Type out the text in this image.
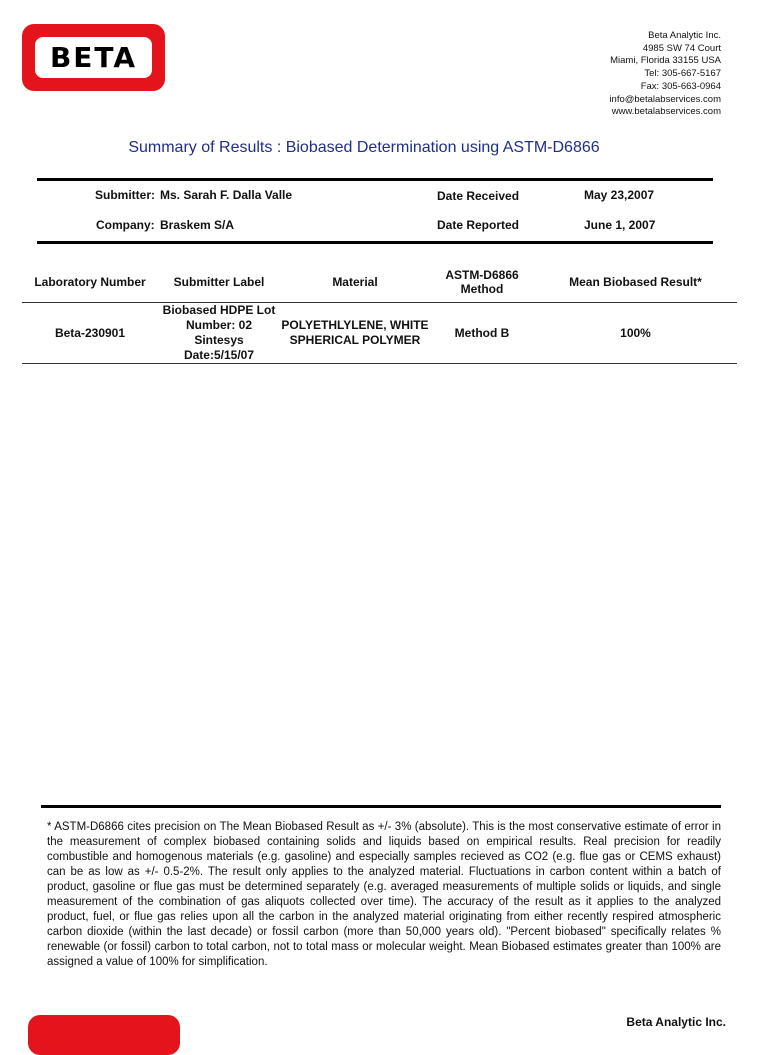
BETA
Beta Analytic Inc.
4985 SW 74 Court
Miami, Florida 33155 USA
Tel: 305-667-5167
Fax: 305-663-0964
info@betalabservices.com
www.betalabservices.com
Summary of Results : Biobased Determination using ASTM-D6866
Submitter: Ms. Sarah F. Dalla Valle	Date Received	May 23,2007
Company: Braskem S/A	Date Reported	June 1, 2007
Laboratory Number	Submitter Label	Material	ASTM-D6866 Method	Mean Biobased Result*
Beta-230901	Biobased HDPE Lot Number: 02 Sintesys Date:5/15/07	POLYETHLYLENE, WHITE SPHERICAL POLYMER	Method B	100%
* ASTM-D6866 cites precision on The Mean Biobased Result as +/- 3% (absolute). This is the most conservative estimate of error in the measurement of complex biobased containing solids and liquids based on empirical results. Real precision for readily combustible and homogenous materials (e.g. gasoline) and especially samples recieved as CO2 (e.g. flue gas or CEMS exhaust) can be as low as +/- 0.5-2%. The result only applies to the analyzed material. Fluctuations in carbon content within a batch of product, gasoline or flue gas must be determined separately (e.g. averaged measurements of multiple solids or liquids, and single measurement of the combination of gas aliquots collected over time). The accuracy of the result as it applies to the analyzed product, fuel, or flue gas relies upon all the carbon in the analyzed material originating from either recently respired atmospheric carbon dioxide (within the last decade) or fossil carbon (more than 50,000 years old). "Percent biobased" specifically relates % renewable (or fossil) carbon to total carbon, not to total mass or molecular weight. Mean Biobased estimates greater than 100% are assigned a value of 100% for simplification.
Beta Analytic Inc.
